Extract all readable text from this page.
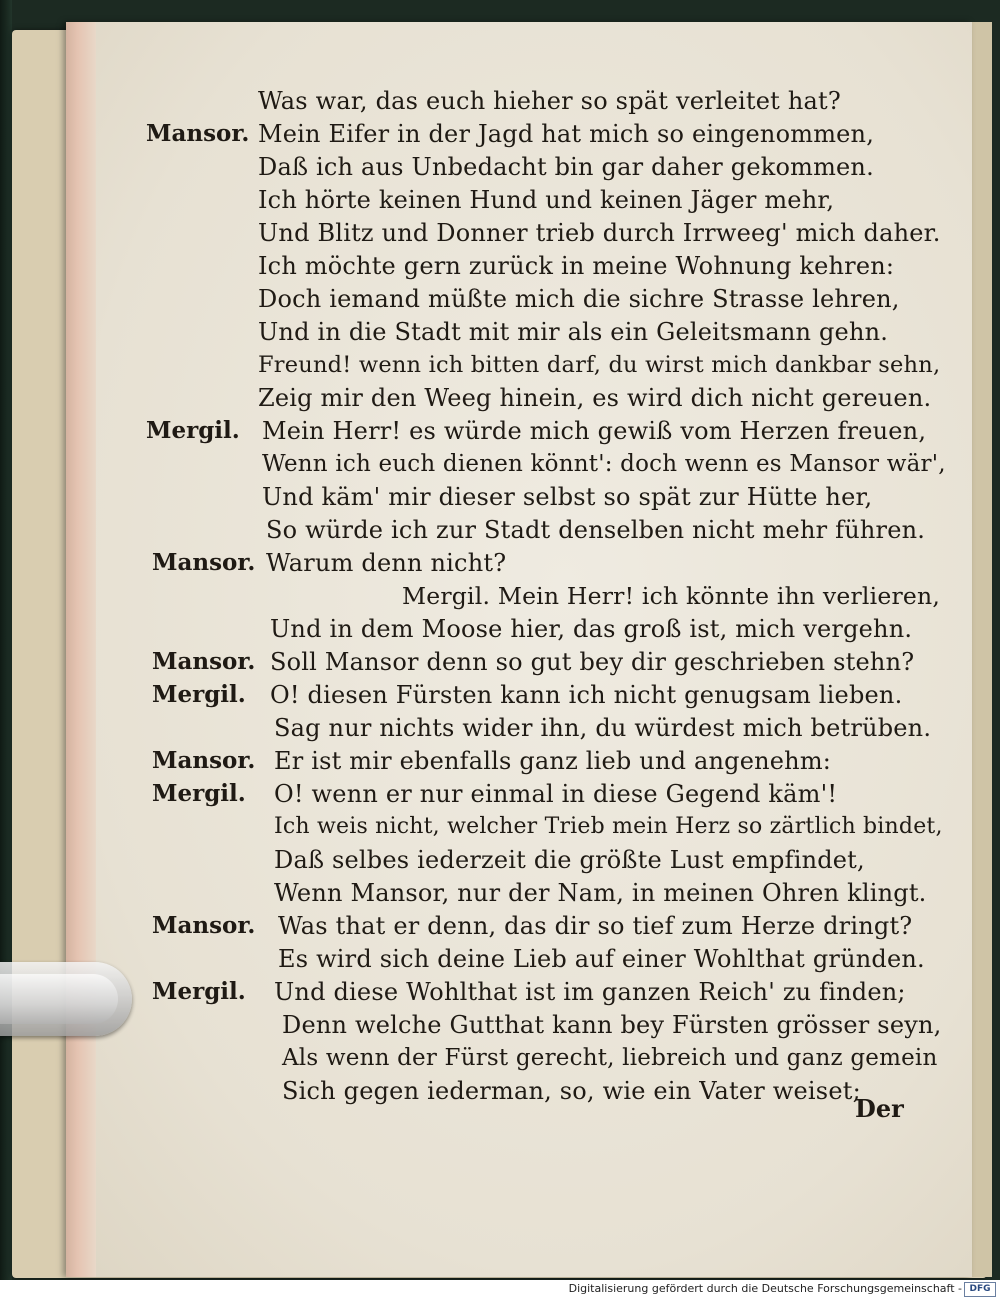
Was war, das euch hieher so spät verleitet hat?
Mansor. Mein Eifer in der Jagd hat mich so eingenommen,
Daß ich aus Unbedacht bin gar daher gekommen.
Ich hörte keinen Hund und keinen Jäger mehr,
Und Blitz und Donner trieb durch Irrweeg' mich daher.
Ich möchte gern zurück in meine Wohnung kehren:
Doch iemand müßte mich die sichre Strasse lehren,
Und in die Stadt mit mir als ein Geleitsmann gehn.
Freund! wenn ich bitten darf, du wirst mich dankbar sehn,
Zeig mir den Weeg hinein, es wird dich nicht gereuen.
Mergil. Mein Herr! es würde mich gewiß vom Herzen freuen,
Wenn ich euch dienen könnt': doch wenn es Mansor wär',
Und käm' mir dieser selbst so spät zur Hütte her,
So würde ich zur Stadt denselben nicht mehr führen.
Mansor. Warum denn nicht?
Mergil. Mein Herr! ich könnte ihn verlieren,
Und in dem Moose hier, das groß ist, mich vergehn.
Mansor. Soll Mansor denn so gut bey dir geschrieben stehn?
Mergil. O! diesen Fürsten kann ich nicht genugsam lieben.
Sag nur nichts wider ihn, du würdest mich betrüben.
Mansor. Er ist mir ebenfalls ganz lieb und angenehm:
Mergil. O! wenn er nur einmal in diese Gegend käm'!
Ich weis nicht, welcher Trieb mein Herz so zärtlich bindet,
Daß selbes iederzeit die größte Lust empfindet,
Wenn Mansor, nur der Nam, in meinen Ohren klingt.
Mansor. Was that er denn, das dir so tief zum Herze dringt?
Es wird sich deine Lieb auf einer Wohlthat gründen.
Mergil. Und diese Wohlthat ist im ganzen Reich' zu finden;
Denn welche Gutthat kann bey Fürsten grösser seyn,
Als wenn der Fürst gerecht, liebreich und ganz gemein
Sich gegen iederman, so, wie ein Vater weiset;
Der
Digitalisierung gefördert durch die Deutsche Forschungsgemeinschaft - DFG
